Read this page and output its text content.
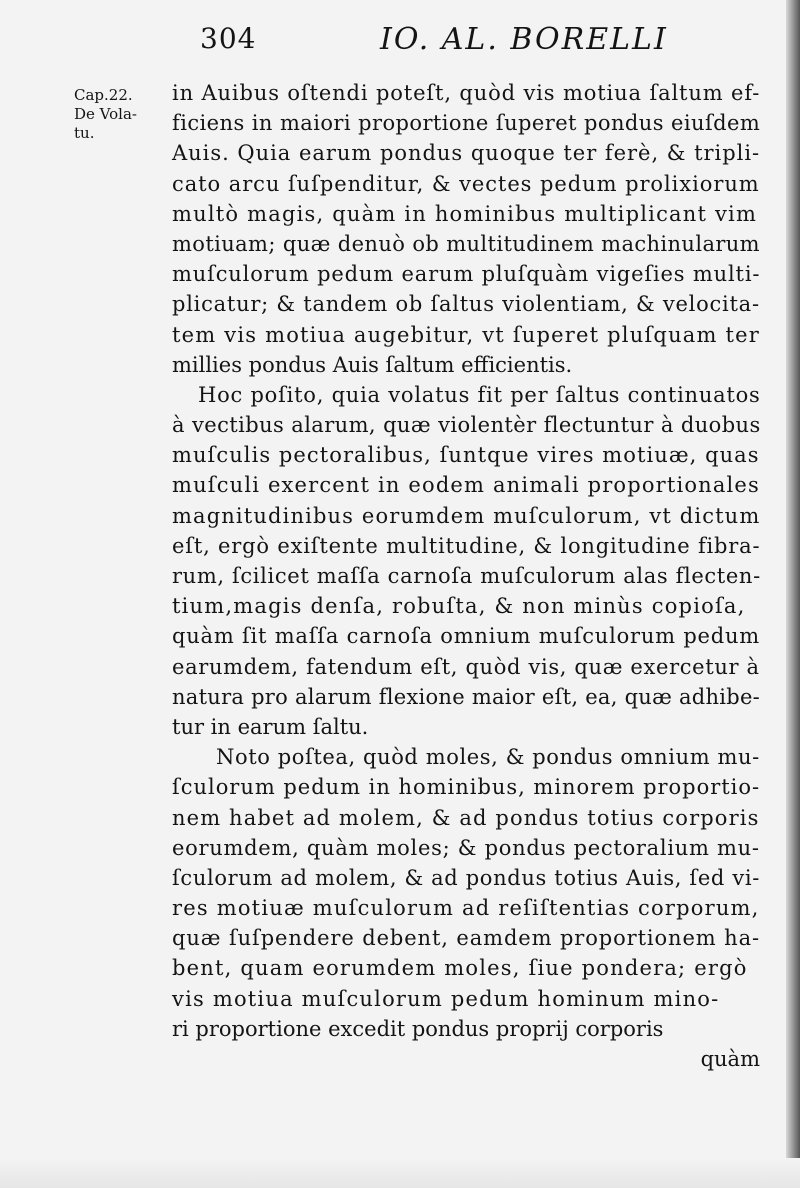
304	IO. AL. BORELLI
Cap.22.
De Vola-
tu.
in Auibus oſtendi poteſt, quòd vis motiua ſaltum ef-
ficiens in maiori proportione ſuperet pondus eiuſdem
Auis. Quia earum pondus quoque ter ferè, & tripli-
cato arcu ſuſpenditur, & vectes pedum prolixiorum
multò magis, quàm in hominibus multiplicant vim
motiuam; quæ denuò ob multitudinem machinularum
muſculorum pedum earum pluſquàm vigeſies multi-
plicatur; & tandem ob ſaltus violentiam, & velocita-
tem vis motiua augebitur, vt ſuperet pluſquam ter
millies pondus Auis ſaltum efficientis.
Hoc poſito, quia volatus fit per ſaltus continuatos
à vectibus alarum, quæ violentèr flectuntur à duobus
muſculis pectoralibus, ſuntque vires motiuæ, quas
muſculi exercent in eodem animali proportionales
magnitudinibus eorumdem muſculorum, vt dictum
eſt, ergò exiſtente multitudine, & longitudine fibra-
rum, ſcilicet maſſa carnoſa muſculorum alas flecten-
tium,magis denſa, robuſta, & non minùs copioſa,
quàm ſit maſſa carnoſa omnium muſculorum pedum
earumdem, fatendum eſt, quòd vis, quæ exercetur à
natura pro alarum flexione maior eſt, ea, quæ adhibe-
tur in earum ſaltu.
Noto poſtea, quòd moles, & pondus omnium mu-
ſculorum pedum in hominibus, minorem proportio-
nem habet ad molem, & ad pondus totius corporis
eorumdem, quàm moles; & pondus pectoralium mu-
ſculorum ad molem, & ad pondus totius Auis, ſed vi-
res motiuæ muſculorum ad reſiſtentias corporum,
quæ ſuſpendere debent, eamdem proportionem ha-
bent, quam eorumdem moles, ſiue pondera; ergò
vis motiua muſculorum pedum hominum mino-
ri proportione excedit pondus proprij corporis
quàm
